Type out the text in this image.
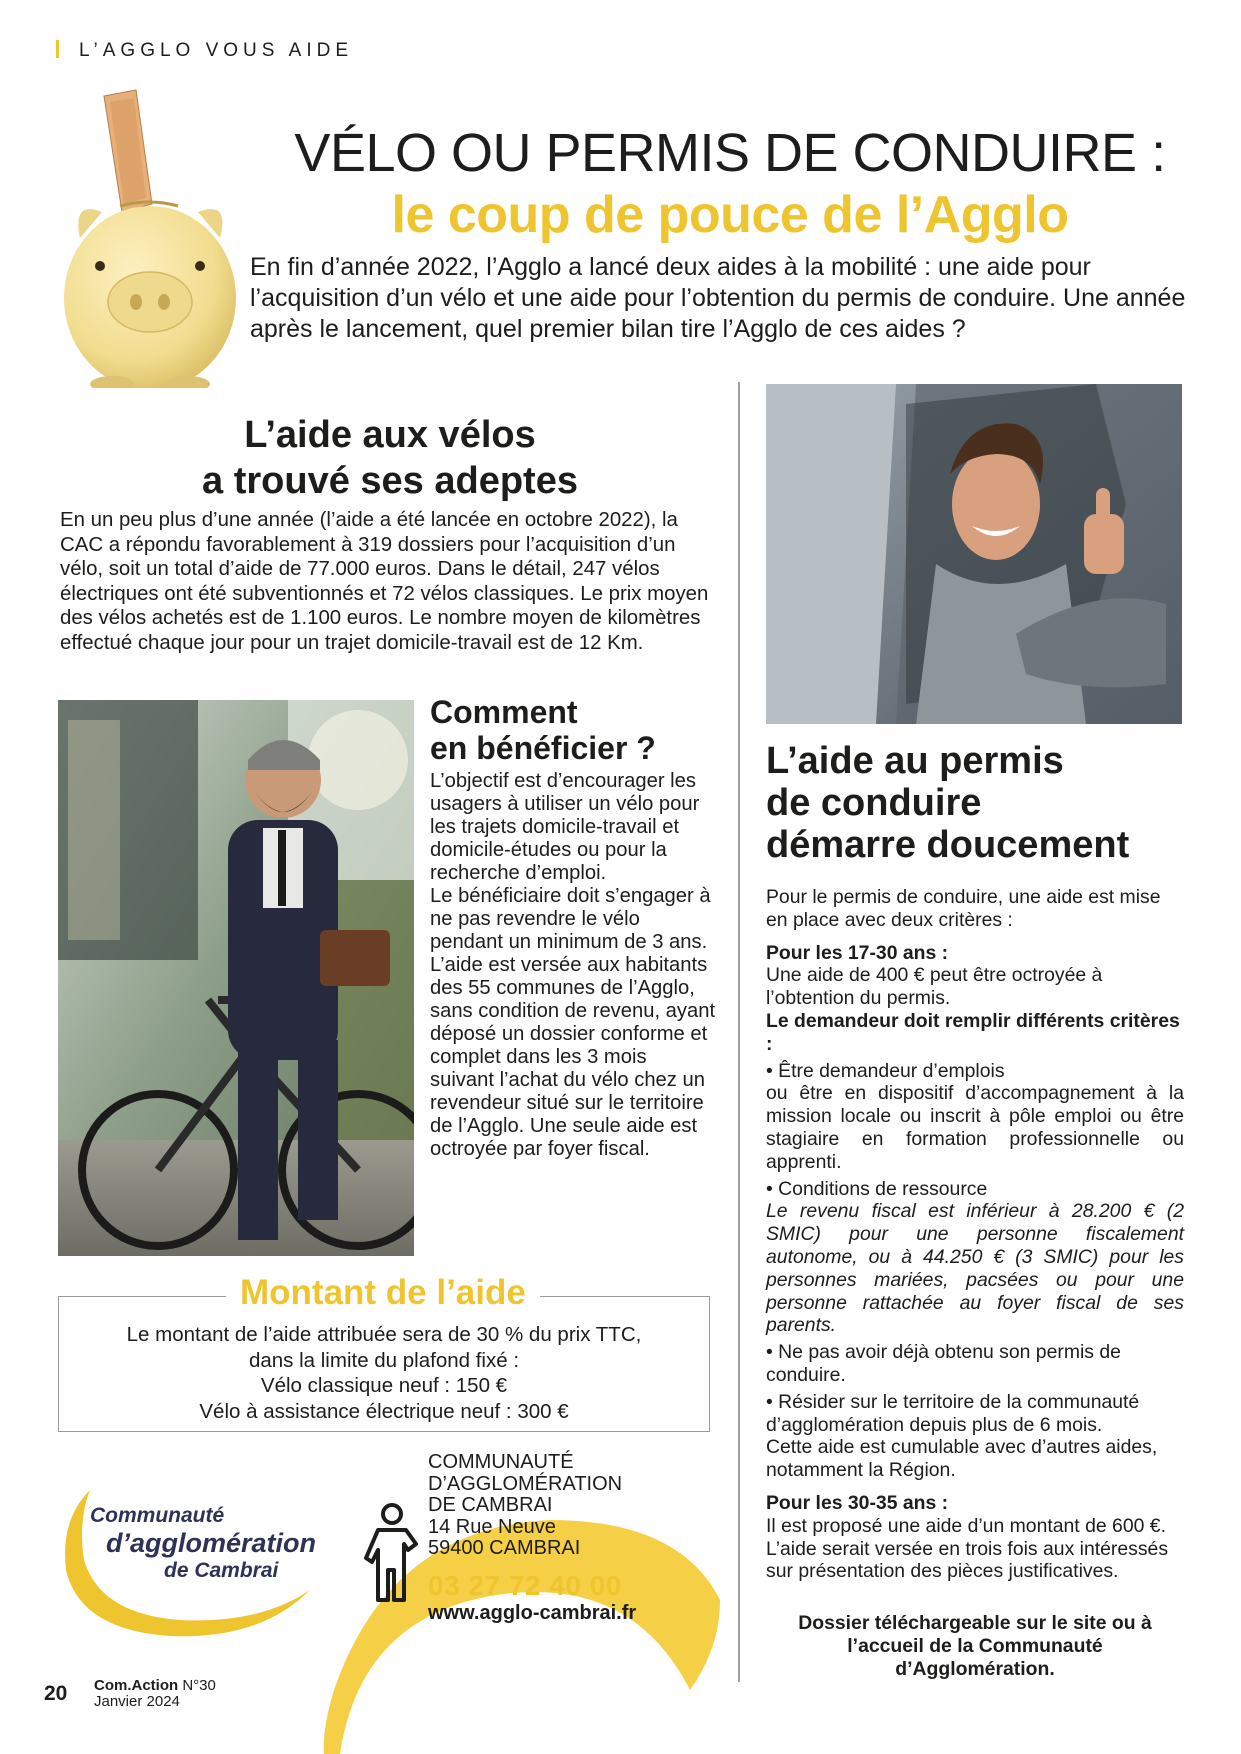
L’AGGLO VOUS AIDE
VÉLO OU PERMIS DE CONDUIRE :
le coup de pouce de l’Agglo
En fin d’année 2022, l’Agglo a lancé deux aides à la mobilité : une aide pour l’acquisition d’un vélo et une aide pour l’obtention du permis de conduire. Une année après le lancement, quel premier bilan tire l’Agglo de ces aides ?
L’aide aux vélos
a trouvé ses adeptes
En un peu plus d’une année (l’aide a été lancée en octobre 2022), la CAC a répondu favorablement à 319 dossiers pour l’acquisition d’un vélo, soit un total d’aide de 77.000 euros. Dans le détail, 247 vélos électriques ont été subventionnés et 72 vélos classiques. Le prix moyen des vélos achetés est de 1.100 euros. Le nombre moyen de kilomètres effectué chaque jour pour un trajet domicile-travail est de 12 Km.
Comment
en bénéficier ?
L’objectif est d’encourager les usagers à utiliser un vélo pour les trajets domicile-travail et domicile-études ou pour la recherche d’emploi.
Le bénéficiaire doit s’engager à ne pas revendre le vélo pendant un minimum de 3 ans.
L’aide est versée aux habitants des 55 communes de l’Agglo, sans condition de revenu, ayant déposé un dossier conforme et complet dans les 3 mois suivant l’achat du vélo chez un revendeur situé sur le territoire de l’Agglo. Une seule aide est octroyée par foyer fiscal.
Montant de l’aide
Le montant de l’aide attribuée sera de 30 % du prix TTC,
dans la limite du plafond fixé :
Vélo classique neuf : 150 €
Vélo à assistance électrique neuf : 300 €
Communauté
d’agglomération
de Cambrai
COMMUNAUTÉ
D’AGGLOMÉRATION
DE CAMBRAI
14 Rue Neuve
59400 CAMBRAI
03 27 72 40 00
www.agglo-cambrai.fr
20 Com.Action N°30
Janvier 2024
L’aide au permis
de conduire
démarre doucement
Pour le permis de conduire, une aide est mise en place avec deux critères :
Pour les 17-30 ans :
Une aide de 400 € peut être octroyée à l’obtention du permis.
Le demandeur doit remplir différents critères :
• Être demandeur d’emplois
ou être en dispositif d’accompagnement à la mission locale ou inscrit à pôle emploi ou être stagiaire en formation professionnelle ou apprenti.
• Conditions de ressource
Le revenu fiscal est inférieur à 28.200 € (2 SMIC) pour une personne fiscalement autonome, ou à 44.250 € (3 SMIC) pour les personnes mariées, pacsées ou pour une personne rattachée au foyer fiscal de ses parents.
• Ne pas avoir déjà obtenu son permis de conduire.
• Résider sur le territoire de la communauté d’agglomération depuis plus de 6 mois.
Cette aide est cumulable avec d’autres aides, notamment la Région.
Pour les 30-35 ans :
Il est proposé une aide d’un montant de 600 €. L’aide serait versée en trois fois aux intéressés sur présentation des pièces justificatives.
Dossier téléchargeable sur le site ou à l’accueil de la Communauté d’Agglomération.
